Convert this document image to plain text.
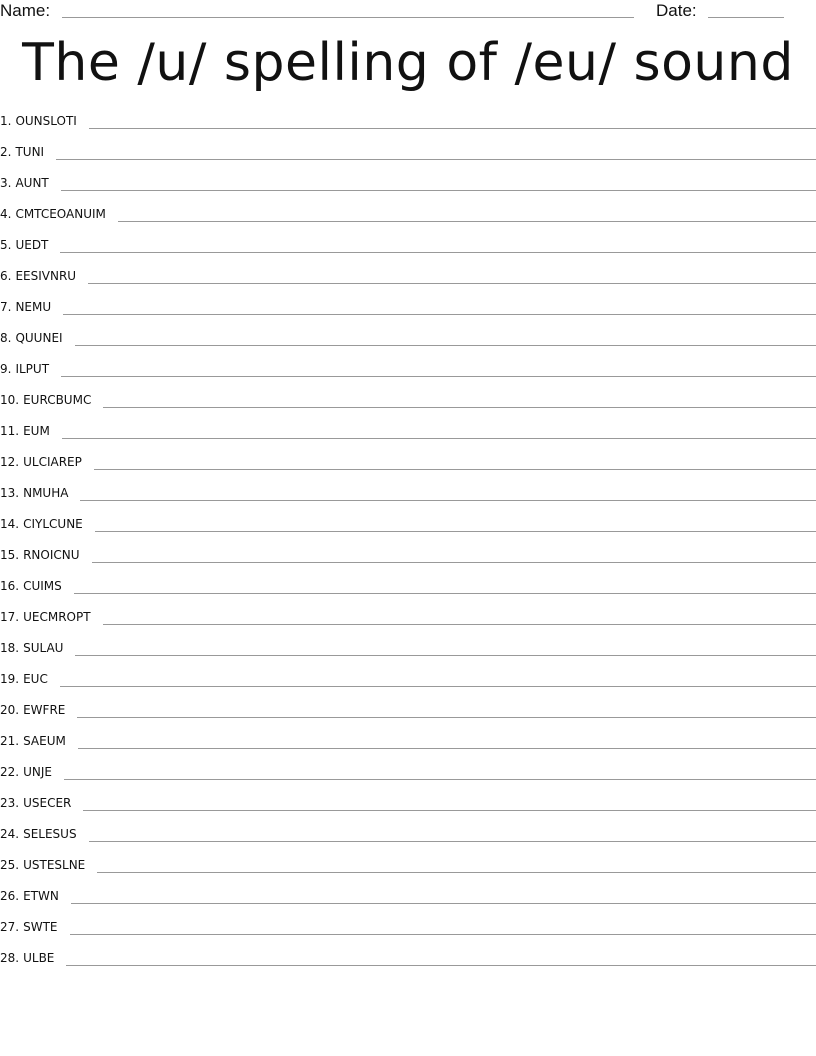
Name:	Date:
The /u/ spelling of /eu/ sound
1. OUNSLOTI
2. TUNI
3. AUNT
4. CMTCEOANUIM
5. UEDT
6. EESIVNRU
7. NEMU
8. QUUNEI
9. ILPUT
10. EURCBUMC
11. EUM
12. ULCIAREP
13. NMUHA
14. CIYLCUNE
15. RNOICNU
16. CUIMS
17. UECMROPT
18. SULAU
19. EUC
20. EWFRE
21. SAEUM
22. UNJE
23. USECER
24. SELESUS
25. USTESLNE
26. ETWN
27. SWTE
28. ULBE
